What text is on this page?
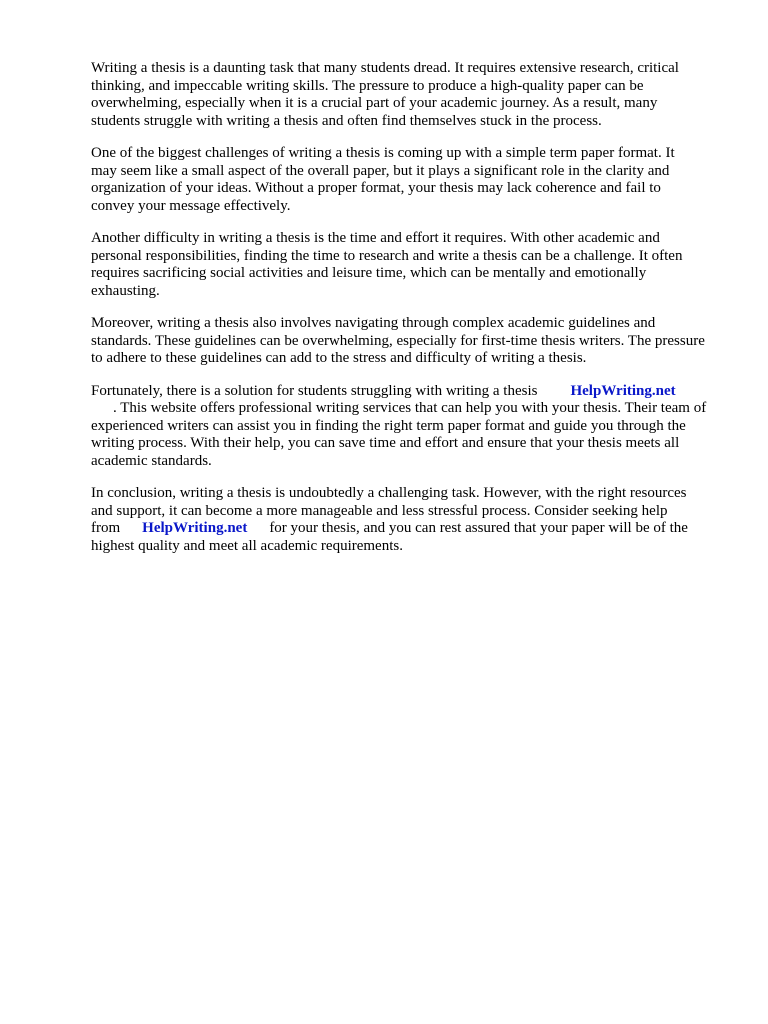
Writing a thesis is a daunting task that many students dread. It requires extensive research, critical
thinking, and impeccable writing skills. The pressure to produce a high-quality paper can be
overwhelming, especially when it is a crucial part of your academic journey. As a result, many
students struggle with writing a thesis and often find themselves stuck in the process.

One of the biggest challenges of writing a thesis is coming up with a simple term paper format. It
may seem like a small aspect of the overall paper, but it plays a significant role in the clarity and
organization of your ideas. Without a proper format, your thesis may lack coherence and fail to
convey your message effectively.

Another difficulty in writing a thesis is the time and effort it requires. With other academic and
personal responsibilities, finding the time to research and write a thesis can be a challenge. It often
requires sacrificing social activities and leisure time, which can be mentally and emotionally
exhausting.

Moreover, writing a thesis also involves navigating through complex academic guidelines and
standards. These guidelines can be overwhelming, especially for first-time thesis writers. The pressure
to adhere to these guidelines can add to the stress and difficulty of writing a thesis.

Fortunately, there is a solution for students struggling with writing a thesis HelpWriting.net
. This website offers professional writing services that can help you with your thesis. Their team of
experienced writers can assist you in finding the right term paper format and guide you through the
writing process. With their help, you can save time and effort and ensure that your thesis meets all
academic standards.

In conclusion, writing a thesis is undoubtedly a challenging task. However, with the right resources
and support, it can become a more manageable and less stressful process. Consider seeking help
from HelpWriting.net for your thesis, and you can rest assured that your paper will be of the
highest quality and meet all academic requirements.
